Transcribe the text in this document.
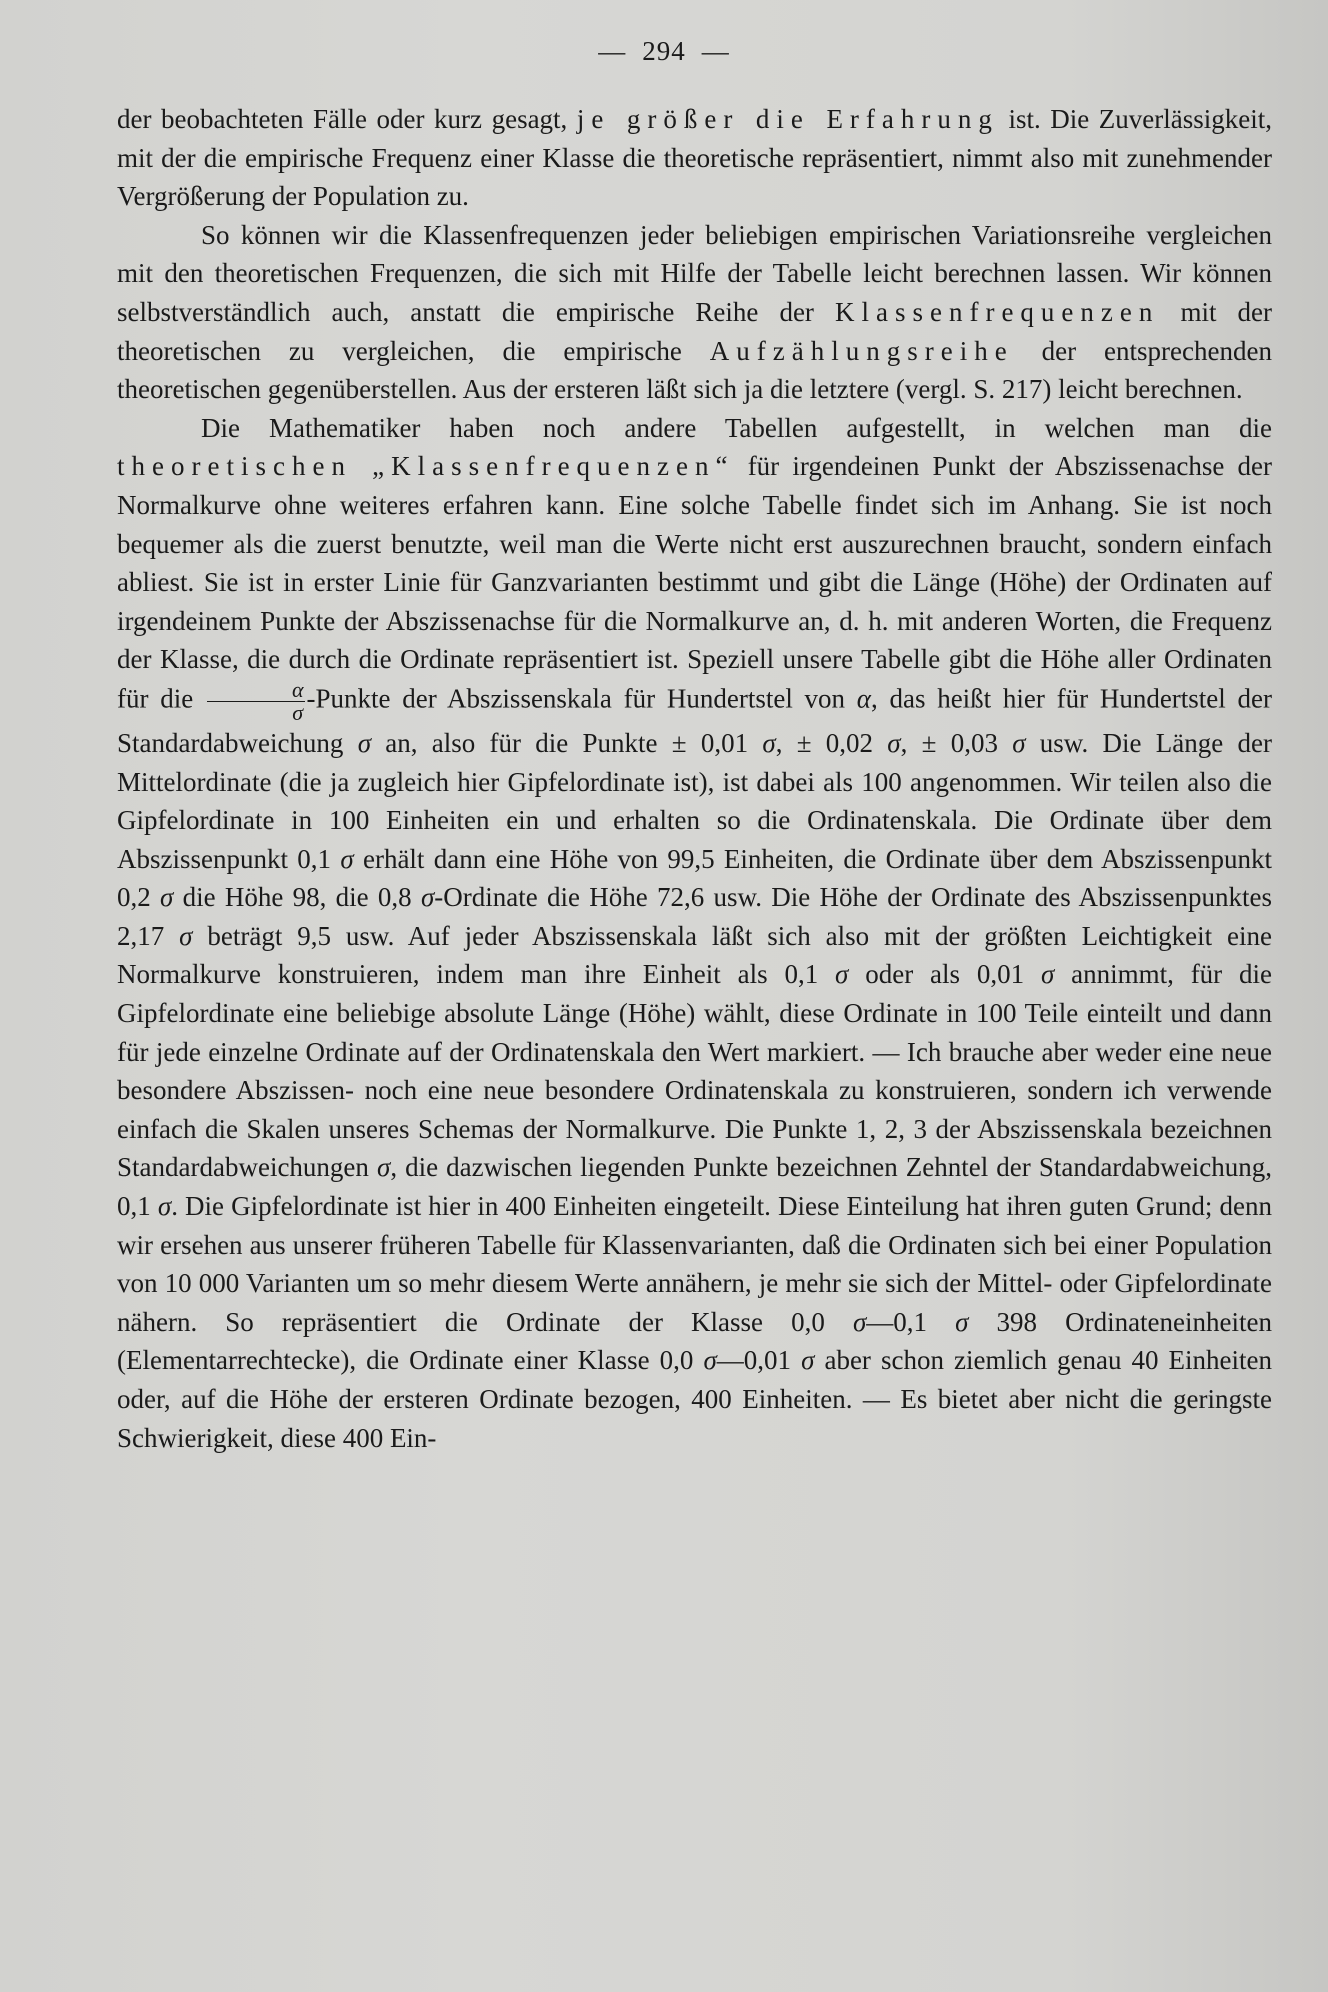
— 294 —

der beobachteten Fälle oder kurz gesagt, je größer die Erfahrung ist. Die Zuverlässigkeit, mit der die empirische Frequenz einer Klasse die theoretische repräsentiert, nimmt also mit zunehmender Vergrößerung der Population zu.

So können wir die Klassenfrequenzen jeder beliebigen empirischen Variationsreihe vergleichen mit den theoretischen Frequenzen, die sich mit Hilfe der Tabelle leicht berechnen lassen. Wir können selbstverständlich auch, anstatt die empirische Reihe der Klassenfrequenzen mit der theoretischen zu vergleichen, die empirische Aufzählungsreihe der entsprechenden theoretischen gegenüberstellen. Aus der ersteren läßt sich ja die letztere (vergl. S. 217) leicht berechnen.

Die Mathematiker haben noch andere Tabellen aufgestellt, in welchen man die theoretischen „Klassenfrequenzen“ für irgendeinen Punkt der Abszissenachse der Normalkurve ohne weiteres erfahren kann. Eine solche Tabelle findet sich im Anhang. Sie ist noch bequemer als die zuerst benutzte, weil man die Werte nicht erst auszurechnen braucht, sondern einfach abliest. Sie ist in erster Linie für Ganzvarianten bestimmt und gibt die Länge (Höhe) der Ordinaten auf irgendeinem Punkte der Abszissenachse für die Normalkurve an, d. h. mit anderen Worten, die Frequenz der Klasse, die durch die Ordinate repräsentiert ist. Speziell unsere Tabelle gibt die Höhe aller Ordinaten für die $\frac{\alpha}{\sigma}$ -Punkte der Abszissenskala für Hundertstel von α, das heißt hier für Hundertstel der Standardabweichung σ an, also für die Punkte ± 0,01 σ, ± 0,02 σ, ± 0,03 σ usw. Die Länge der Mittelordinate (die ja zugleich hier Gipfelordinate ist), ist dabei als 100 angenommen. Wir teilen also die Gipfelordinate in 100 Einheiten ein und erhalten so die Ordinatenskala. Die Ordinate über dem Abszissenpunkt 0,1 σ erhält dann eine Höhe von 99,5 Einheiten, die Ordinate über dem Abszissenpunkt 0,2 σ die Höhe 98, die 0,8 σ-Ordinate die Höhe 72,6 usw. Die Höhe der Ordinate des Abszissenpunktes 2,17 σ beträgt 9,5 usw. Auf jeder Abszissenskala läßt sich also mit der größten Leichtigkeit eine Normalkurve konstruieren, indem man ihre Einheit als 0,1 σ oder als 0,01 σ annimmt, für die Gipfelordinate eine beliebige absolute Länge (Höhe) wählt, diese Ordinate in 100 Teile einteilt und dann für jede einzelne Ordinate auf der Ordinatenskala den Wert markiert. — Ich brauche aber weder eine neue besondere Abszissen- noch eine neue besondere Ordinatenskala zu konstruieren, sondern ich verwende einfach die Skalen unseres Schemas der Normalkurve. Die Punkte 1, 2, 3 der Abszissenskala bezeichnen Standardabweichungen σ, die dazwischen liegenden Punkte bezeichnen Zehntel der Standardabweichung, 0,1 σ. Die Gipfelordinate ist hier in 400 Einheiten eingeteilt. Diese Einteilung hat ihren guten Grund; denn wir ersehen aus unserer früheren Tabelle für Klassenvarianten, daß die Ordinaten sich bei einer Population von 10 000 Varianten um so mehr diesem Werte annähern, je mehr sie sich der Mittel- oder Gipfelordinate nähern. So repräsentiert die Ordinate der Klasse 0,0 σ—0,1 σ 398 Ordinateneinheiten (Elementarrechtecke), die Ordinate einer Klasse 0,0 σ—0,01 σ aber schon ziemlich genau 40 Einheiten oder, auf die Höhe der ersteren Ordinate bezogen, 400 Einheiten. — Es bietet aber nicht die geringste Schwierigkeit, diese 400 Ein-
